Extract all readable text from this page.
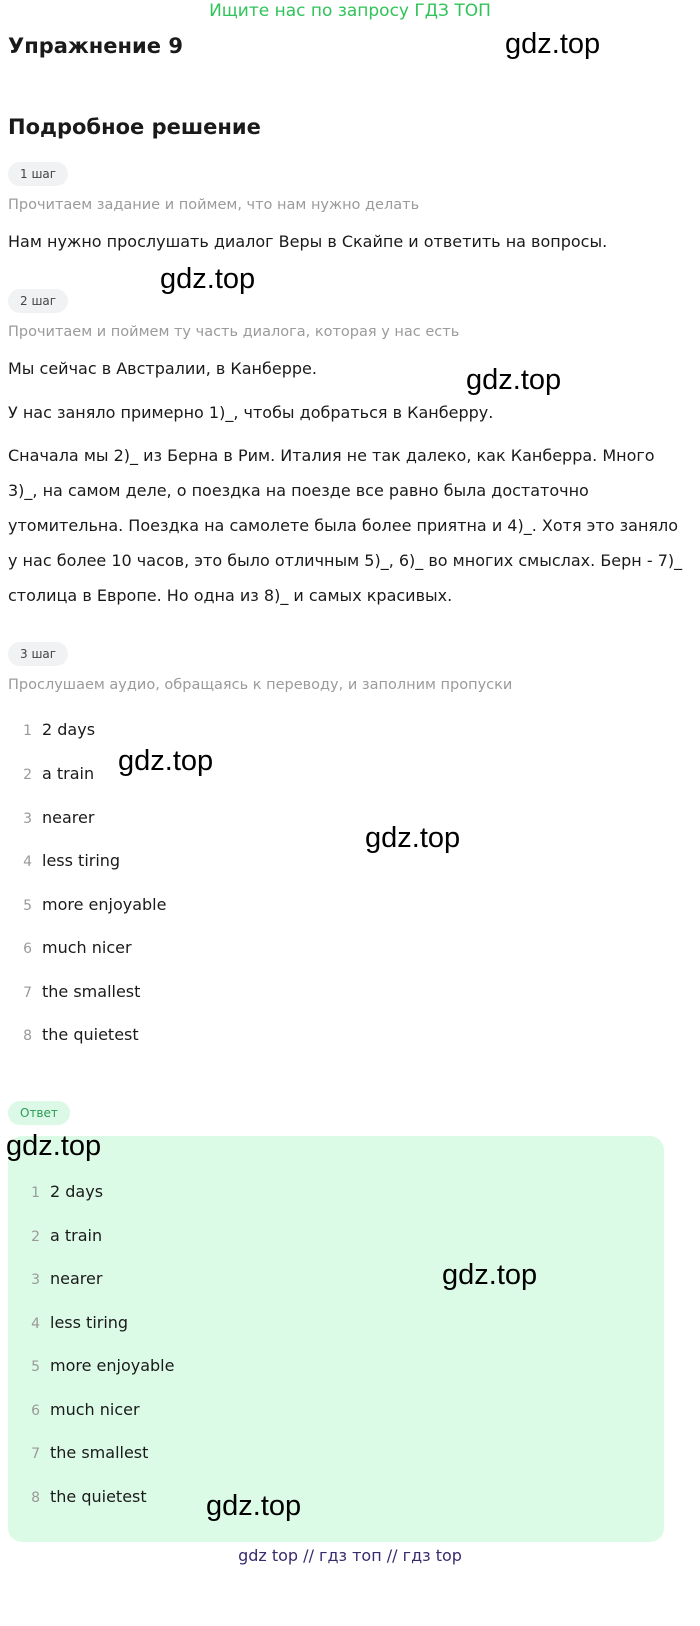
Ищите нас по запросу ГДЗ ТОП
Упражнение 9
Подробное решение
1 шаг
Прочитаем задание и поймем, что нам нужно делать
Нам нужно прослушать диалог Веры в Скайпе и ответить на вопросы.
2 шаг
Прочитаем и поймем ту часть диалога, которая у нас есть
Мы сейчас в Австралии, в Канберре.
У нас заняло примерно 1)_, чтобы добраться в Канберру.
Сначала мы 2)_ из Берна в Рим. Италия не так далеко, как Канберра. Много 3)_, на самом деле, о поездка на поезде все равно была достаточно утомительна. Поездка на самолете была более приятна и 4)_. Хотя это заняло у нас более 10 часов, это было отличным 5)_, 6)_ во многих смыслах. Берн - 7)_ столица в Европе. Но одна из 8)_ и самых красивых.
3 шаг
Прослушаем аудио, обращаясь к переводу, и заполним пропуски
1 2 days
2 a train
3 nearer
4 less tiring
5 more enjoyable
6 much nicer
7 the smallest
8 the quietest
Ответ
1 2 days
2 a train
3 nearer
4 less tiring
5 more enjoyable
6 much nicer
7 the smallest
8 the quietest
gdz.top
gdz.top
gdz.top
gdz.top
gdz.top
gdz.top
gdz.top
gdz.top
gdz top // гдз топ // гдз top
